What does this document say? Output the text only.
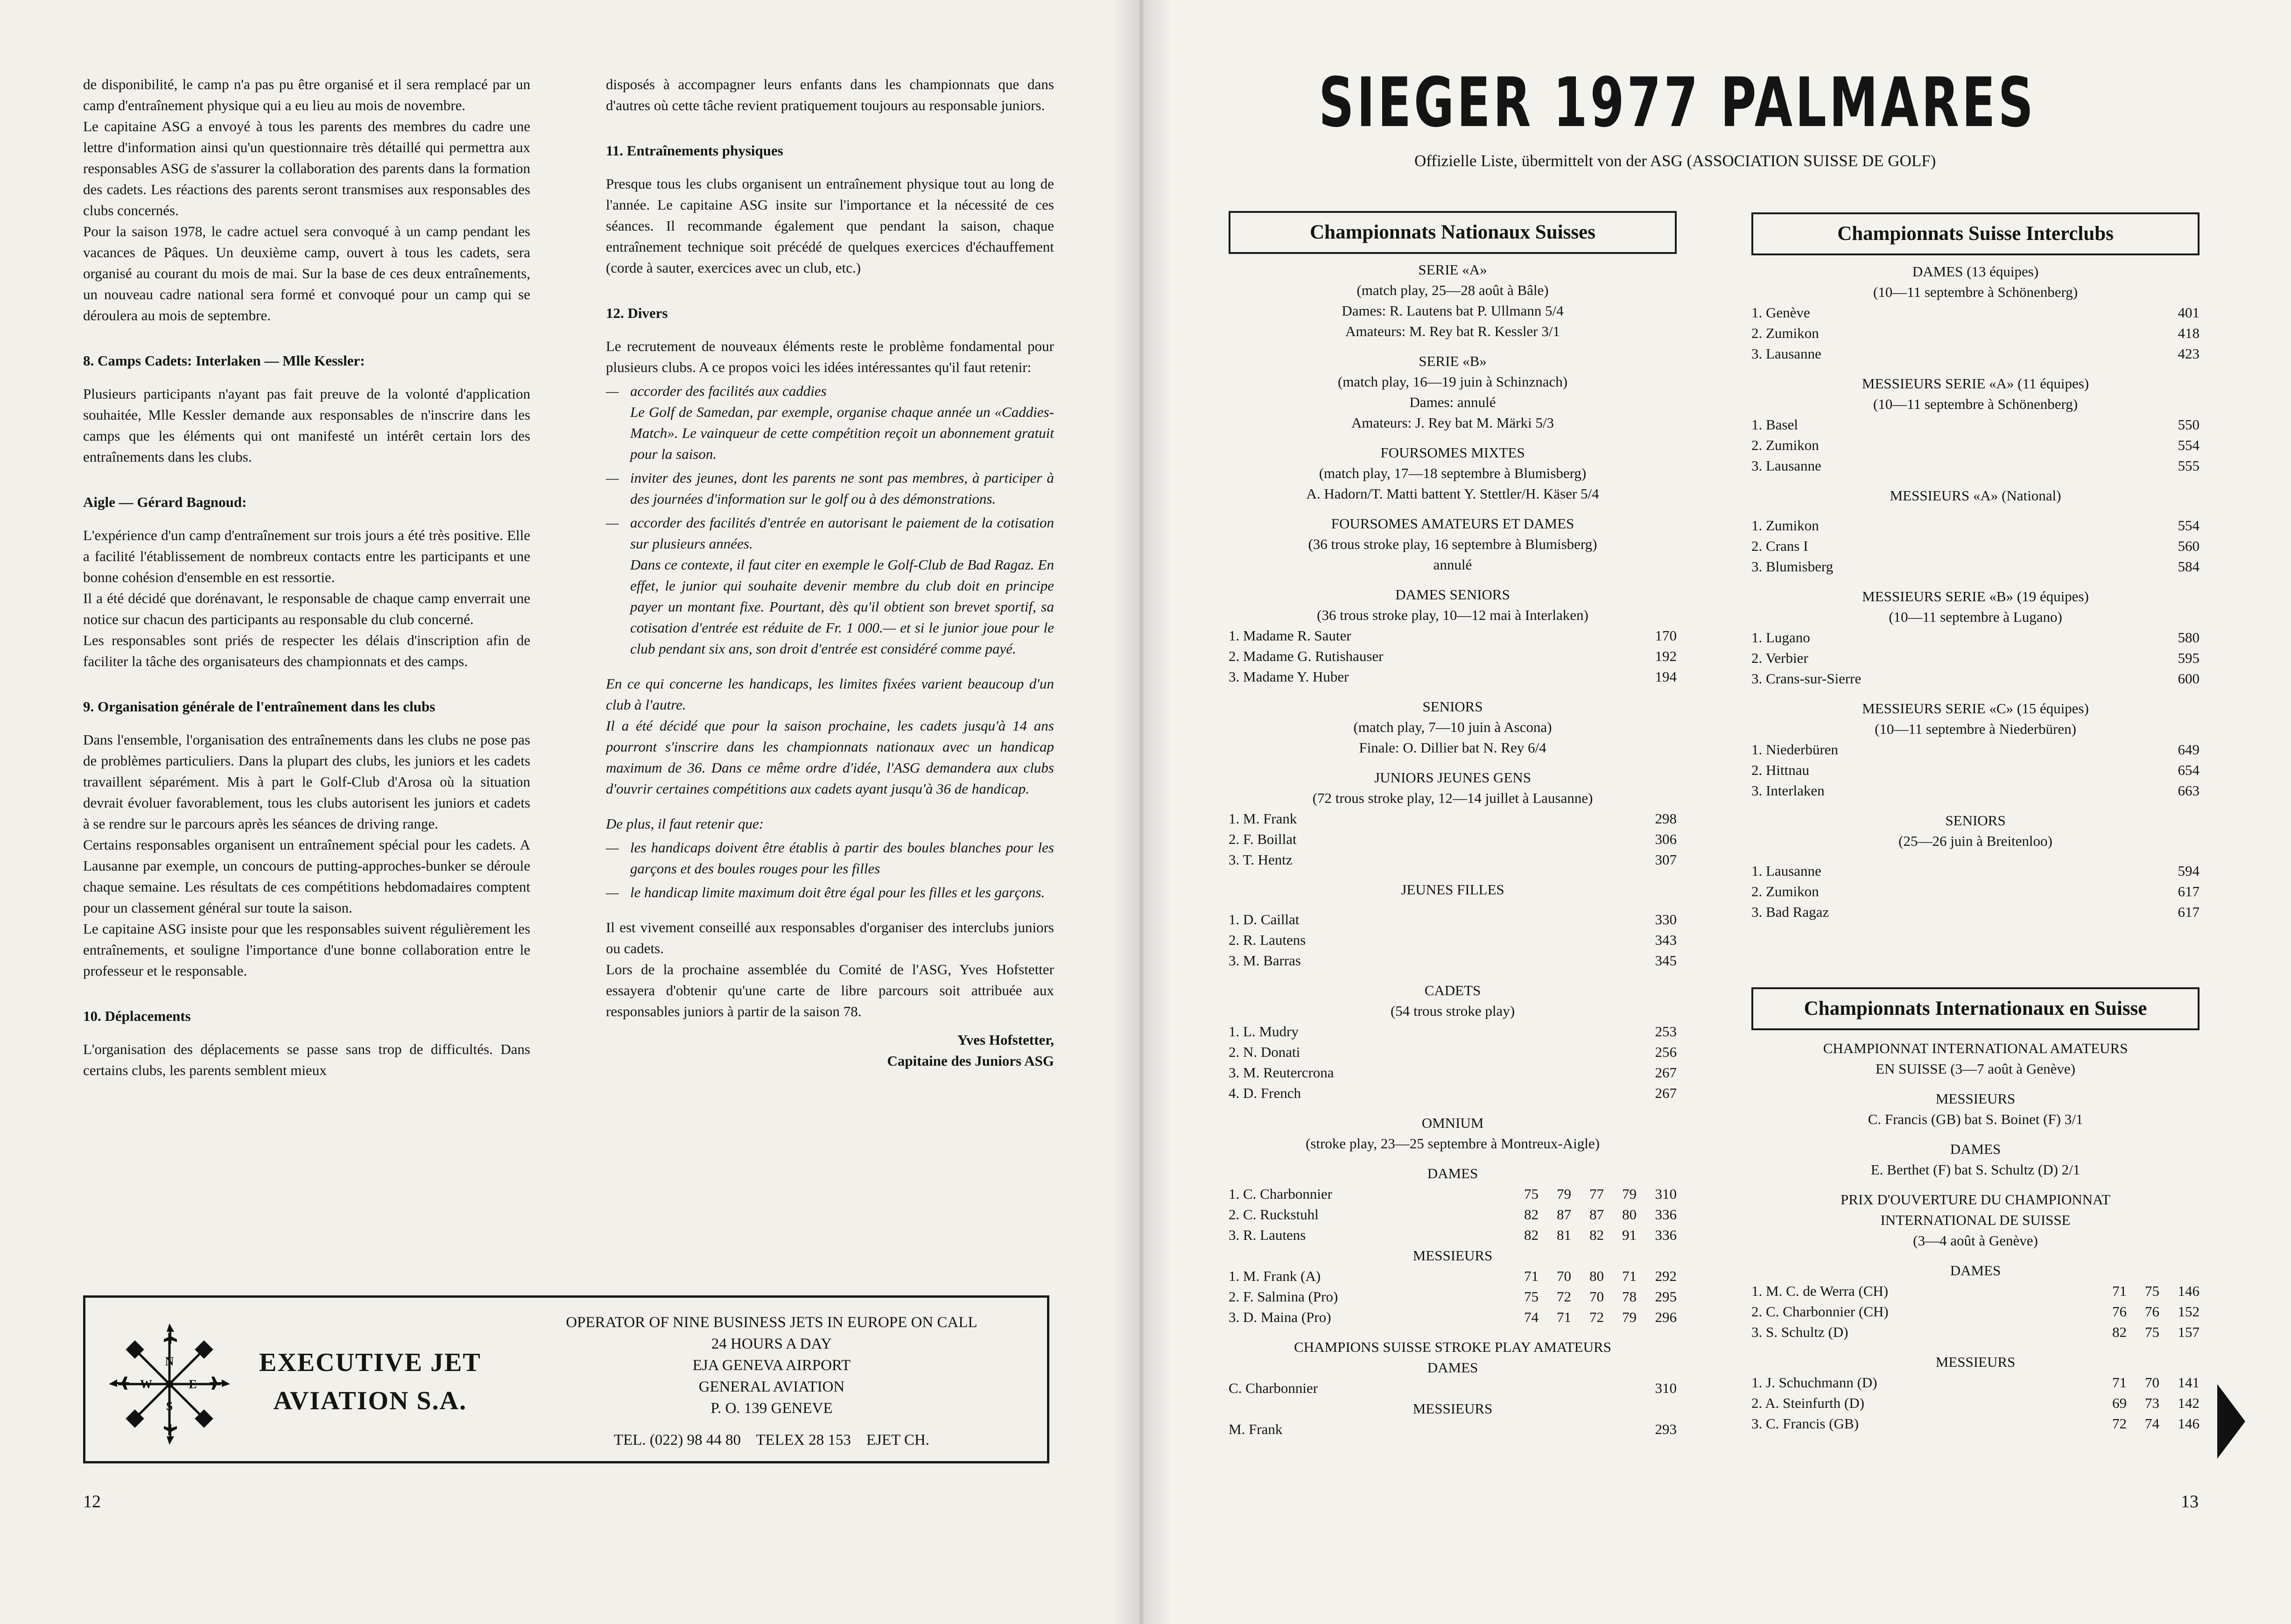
de disponibilité, le camp n'a pas pu être organisé et il sera remplacé par un camp d'entraînement physique qui a eu lieu au mois de novembre.

Le capitaine ASG a envoyé à tous les parents des membres du cadre une lettre d'information ainsi qu'un questionnaire très détaillé qui permettra aux responsables ASG de s'assurer la collaboration des parents dans la formation des cadets. Les réactions des parents seront transmises aux responsables des clubs concernés.

Pour la saison 1978, le cadre actuel sera convoqué à un camp pendant les vacances de Pâques. Un deuxième camp, ouvert à tous les cadets, sera organisé au courant du mois de mai. Sur la base de ces deux entraînements, un nouveau cadre national sera formé et convoqué pour un camp qui se déroulera au mois de septembre.

8. Camps Cadets: Interlaken — Mlle Kessler:

Plusieurs participants n'ayant pas fait preuve de la volonté d'application souhaitée, Mlle Kessler demande aux responsables de n'inscrire dans les camps que les éléments qui ont manifesté un intérêt certain lors des entraînements dans les clubs.

Aigle — Gérard Bagnoud:

L'expérience d'un camp d'entraînement sur trois jours a été très positive. Elle a facilité l'établissement de nombreux contacts entre les participants et une bonne cohésion d'ensemble en est ressortie.

Il a été décidé que dorénavant, le responsable de chaque camp enverrait une notice sur chacun des participants au responsable du club concerné.

Les responsables sont priés de respecter les délais d'inscription afin de faciliter la tâche des organisateurs des championnats et des camps.

9. Organisation générale de l'entraînement dans les clubs

Dans l'ensemble, l'organisation des entraînements dans les clubs ne pose pas de problèmes particuliers. Dans la plupart des clubs, les juniors et les cadets travaillent séparément. Mis à part le Golf-Club d'Arosa où la situation devrait évoluer favorablement, tous les clubs autorisent les juniors et cadets à se rendre sur le parcours après les séances de driving range.

Certains responsables organisent un entraînement spécial pour les cadets. A Lausanne par exemple, un concours de putting-approches-bunker se déroule chaque semaine. Les résultats de ces compétitions hebdomadaires comptent pour un classement général sur toute la saison.

Le capitaine ASG insiste pour que les responsables suivent régulièrement les entraînements, et souligne l'importance d'une bonne collaboration entre le professeur et le responsable.

10. Déplacements

L'organisation des déplacements se passe sans trop de difficultés. Dans certains clubs, les parents semblent mieux

disposés à accompagner leurs enfants dans les championnats que dans d'autres où cette tâche revient pratiquement toujours au responsable juniors.

11. Entraînements physiques

Presque tous les clubs organisent un entraînement physique tout au long de l'année. Le capitaine ASG insite sur l'importance et la nécessité de ces séances. Il recommande également que pendant la saison, chaque entraînement technique soit précédé de quelques exercices d'échauffement (corde à sauter, exercices avec un club, etc.)

12. Divers

Le recrutement de nouveaux éléments reste le problème fondamental pour plusieurs clubs. A ce propos voici les idées intéressantes qu'il faut retenir:

— accorder des facilités aux caddies

Le Golf de Samedan, par exemple, organise chaque année un «Caddies-Match». Le vainqueur de cette compétition reçoit un abonnement gratuit pour la saison.

— inviter des jeunes, dont les parents ne sont pas membres, à participer à des journées d'information sur le golf ou à des démonstrations.
— accorder des facilités d'entrée en autorisant le paiement de la cotisation sur plusieurs années.

Dans ce contexte, il faut citer en exemple le Golf-Club de Bad Ragaz. En effet, le junior qui souhaite devenir membre du club doit en principe payer un montant fixe. Pourtant, dès qu'il obtient son brevet sportif, sa cotisation d'entrée est réduite de Fr. 1 000.— et si le junior joue pour le club pendant six ans, son droit d'entrée est considéré comme payé.

En ce qui concerne les handicaps, les limites fixées varient beaucoup d'un club à l'autre.

Il a été décidé que pour la saison prochaine, les cadets jusqu'à 14 ans pourront s'inscrire dans les championnats nationaux avec un handicap maximum de 36. Dans ce même ordre d'idée, l'ASG demandera aux clubs d'ouvrir certaines compétitions aux cadets ayant jusqu'à 36 de handicap.

De plus, il faut retenir que:

— les handicaps doivent être établis à partir des boules blanches pour les garçons et des boules rouges pour les filles
— le handicap limite maximum doit être égal pour les filles et les garçons.

Il est vivement conseillé aux responsables d'organiser des interclubs juniors ou cadets.

Lors de la prochaine assemblée du Comité de l'ASG, Yves Hofstetter essayera d'obtenir qu'une carte de libre parcours soit attribuée aux responsables juniors à partir de la saison 78.

Yves Hofstetter,

Capitaine des Juniors ASG

N
S
W	E
EXECUTIVE JET
AVIATION S.A.
OPERATOR OF NINE BUSINESS JETS IN EUROPE ON CALL
24 HOURS A DAY
EJA GENEVA AIRPORT
GENERAL AVIATION
P. O. 139 GENEVE
TEL. (022) 98 44 80    TELEX 28 153    EJET CH.
12
SIEGER 1977 PALMARES
Offizielle Liste, übermittelt von der ASG (ASSOCIATION SUISSE DE GOLF)
Championnats Nationaux Suisses
SERIE «A»
(match play, 25—28 août à Bâle)
Dames: R. Lautens bat P. Ullmann 5/4
Amateurs: M. Rey bat R. Kessler 3/1
SERIE «B»
(match play, 16—19 juin à Schinznach)
Dames: annulé
Amateurs: J. Rey bat M. Märki 5/3
FOURSOMES MIXTES
(match play, 17—18 septembre à Blumisberg)
A. Hadorn/T. Matti battent Y. Stettler/H. Käser 5/4
FOURSOMES AMATEURS ET DAMES
(36 trous stroke play, 16 septembre à Blumisberg)
annulé
DAMES SENIORS
(36 trous stroke play, 10—12 mai à Interlaken)
1. Madame R. Sauter	170
2. Madame G. Rutishauser	192
3. Madame Y. Huber	194
SENIORS
(match play, 7—10 juin à Ascona)
Finale: O. Dillier bat N. Rey 6/4
JUNIORS JEUNES GENS
(72 trous stroke play, 12—14 juillet à Lausanne)
1. M. Frank	298
2. F. Boillat	306
3. T. Hentz	307
JEUNES FILLES
1. D. Caillat	330
2. R. Lautens	343
3. M. Barras	345
CADETS
(54 trous stroke play)
1. L. Mudry	253
2. N. Donati	256
3. M. Reutercrona	267
4. D. French	267
OMNIUM
(stroke play, 23—25 septembre à Montreux-Aigle)
DAMES
1. C. Charbonnier	75	79	77	79	310
2. C. Ruckstuhl	82	87	87	80	336
3. R. Lautens	82	81	82	91	336
MESSIEURS
1. M. Frank (A)	71	70	80	71	292
2. F. Salmina (Pro)	75	72	70	78	295
3. D. Maina (Pro)	74	71	72	79	296
CHAMPIONS SUISSE STROKE PLAY AMATEURS
DAMES
C. Charbonnier	310
MESSIEURS
M. Frank	293
Championnats Suisse Interclubs
DAMES (13 équipes)
(10—11 septembre à Schönenberg)
1. Genève	401
2. Zumikon	418
3. Lausanne	423
MESSIEURS SERIE «A» (11 équipes)
(10—11 septembre à Schönenberg)
1. Basel	550
2. Zumikon	554
3. Lausanne	555
MESSIEURS «A» (National)
1. Zumikon	554
2. Crans I	560
3. Blumisberg	584
MESSIEURS SERIE «B» (19 équipes)
(10—11 septembre à Lugano)
1. Lugano	580
2. Verbier	595
3. Crans-sur-Sierre	600
MESSIEURS SERIE «C» (15 équipes)
(10—11 septembre à Niederbüren)
1. Niederbüren	649
2. Hittnau	654
3. Interlaken	663
SENIORS
(25—26 juin à Breitenloo)
1. Lausanne	594
2. Zumikon	617
3. Bad Ragaz	617
Championnats Internationaux en Suisse
CHAMPIONNAT INTERNATIONAL AMATEURS
EN SUISSE (3—7 août à Genève)
MESSIEURS
C. Francis (GB) bat S. Boinet (F) 3/1
DAMES
E. Berthet (F) bat S. Schultz (D) 2/1
PRIX D'OUVERTURE DU CHAMPIONNAT
INTERNATIONAL DE SUISSE
(3—4 août à Genève)
DAMES
1. M. C. de Werra (CH)	71	75	146
2. C. Charbonnier (CH)	76	76	152
3. S. Schultz (D)	82	75	157
MESSIEURS
1. J. Schuchmann (D)	71	70	141
2. A. Steinfurth (D)	69	73	142
3. C. Francis (GB)	72	74	146
13
